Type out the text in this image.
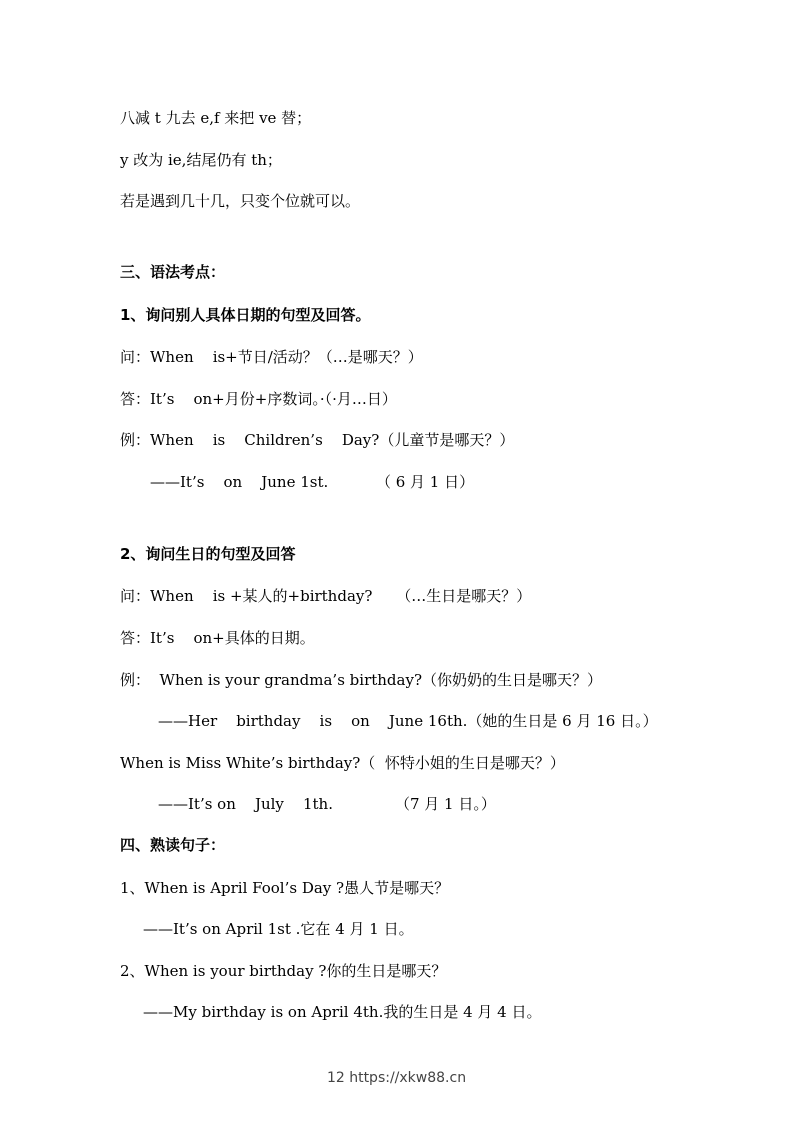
八减 t 九去 e,f 来把 ve 替；
y 改为 ie,结尾仍有 th；
若是遇到几十几，只变个位就可以。
三、语法考点：
1、询问别人具体日期的句型及回答。
问：When    is+节日/活动？（…是哪天？）
答：It’s    on+月份+序数词。·（·月…日）
例：When    is    Children’s    Day?（儿童节是哪天？）
——It’s    on    June 1st.          （ 6 月 1 日）
2、询问生日的句型及回答
问：When    is +某人的+birthday?     （…生日是哪天？）
答：It’s    on+具体的日期。
例：  When is your grandma’s birthday?（你奶奶的生日是哪天？）
——Her    birthday    is    on    June 16th.（她的生日是 6 月 16 日。）
When is Miss White’s birthday?（  怀特小姐的生日是哪天？）
——It’s on    July    1th.             （7 月 1 日。）
四、熟读句子：
1、When is April Fool’s Day ?愚人节是哪天？
——It’s on April 1st .它在 4 月 1 日。
2、When is your birthday ?你的生日是哪天？
——My birthday is on April 4th.我的生日是 4 月 4 日。
12 https://xkw88.cn
